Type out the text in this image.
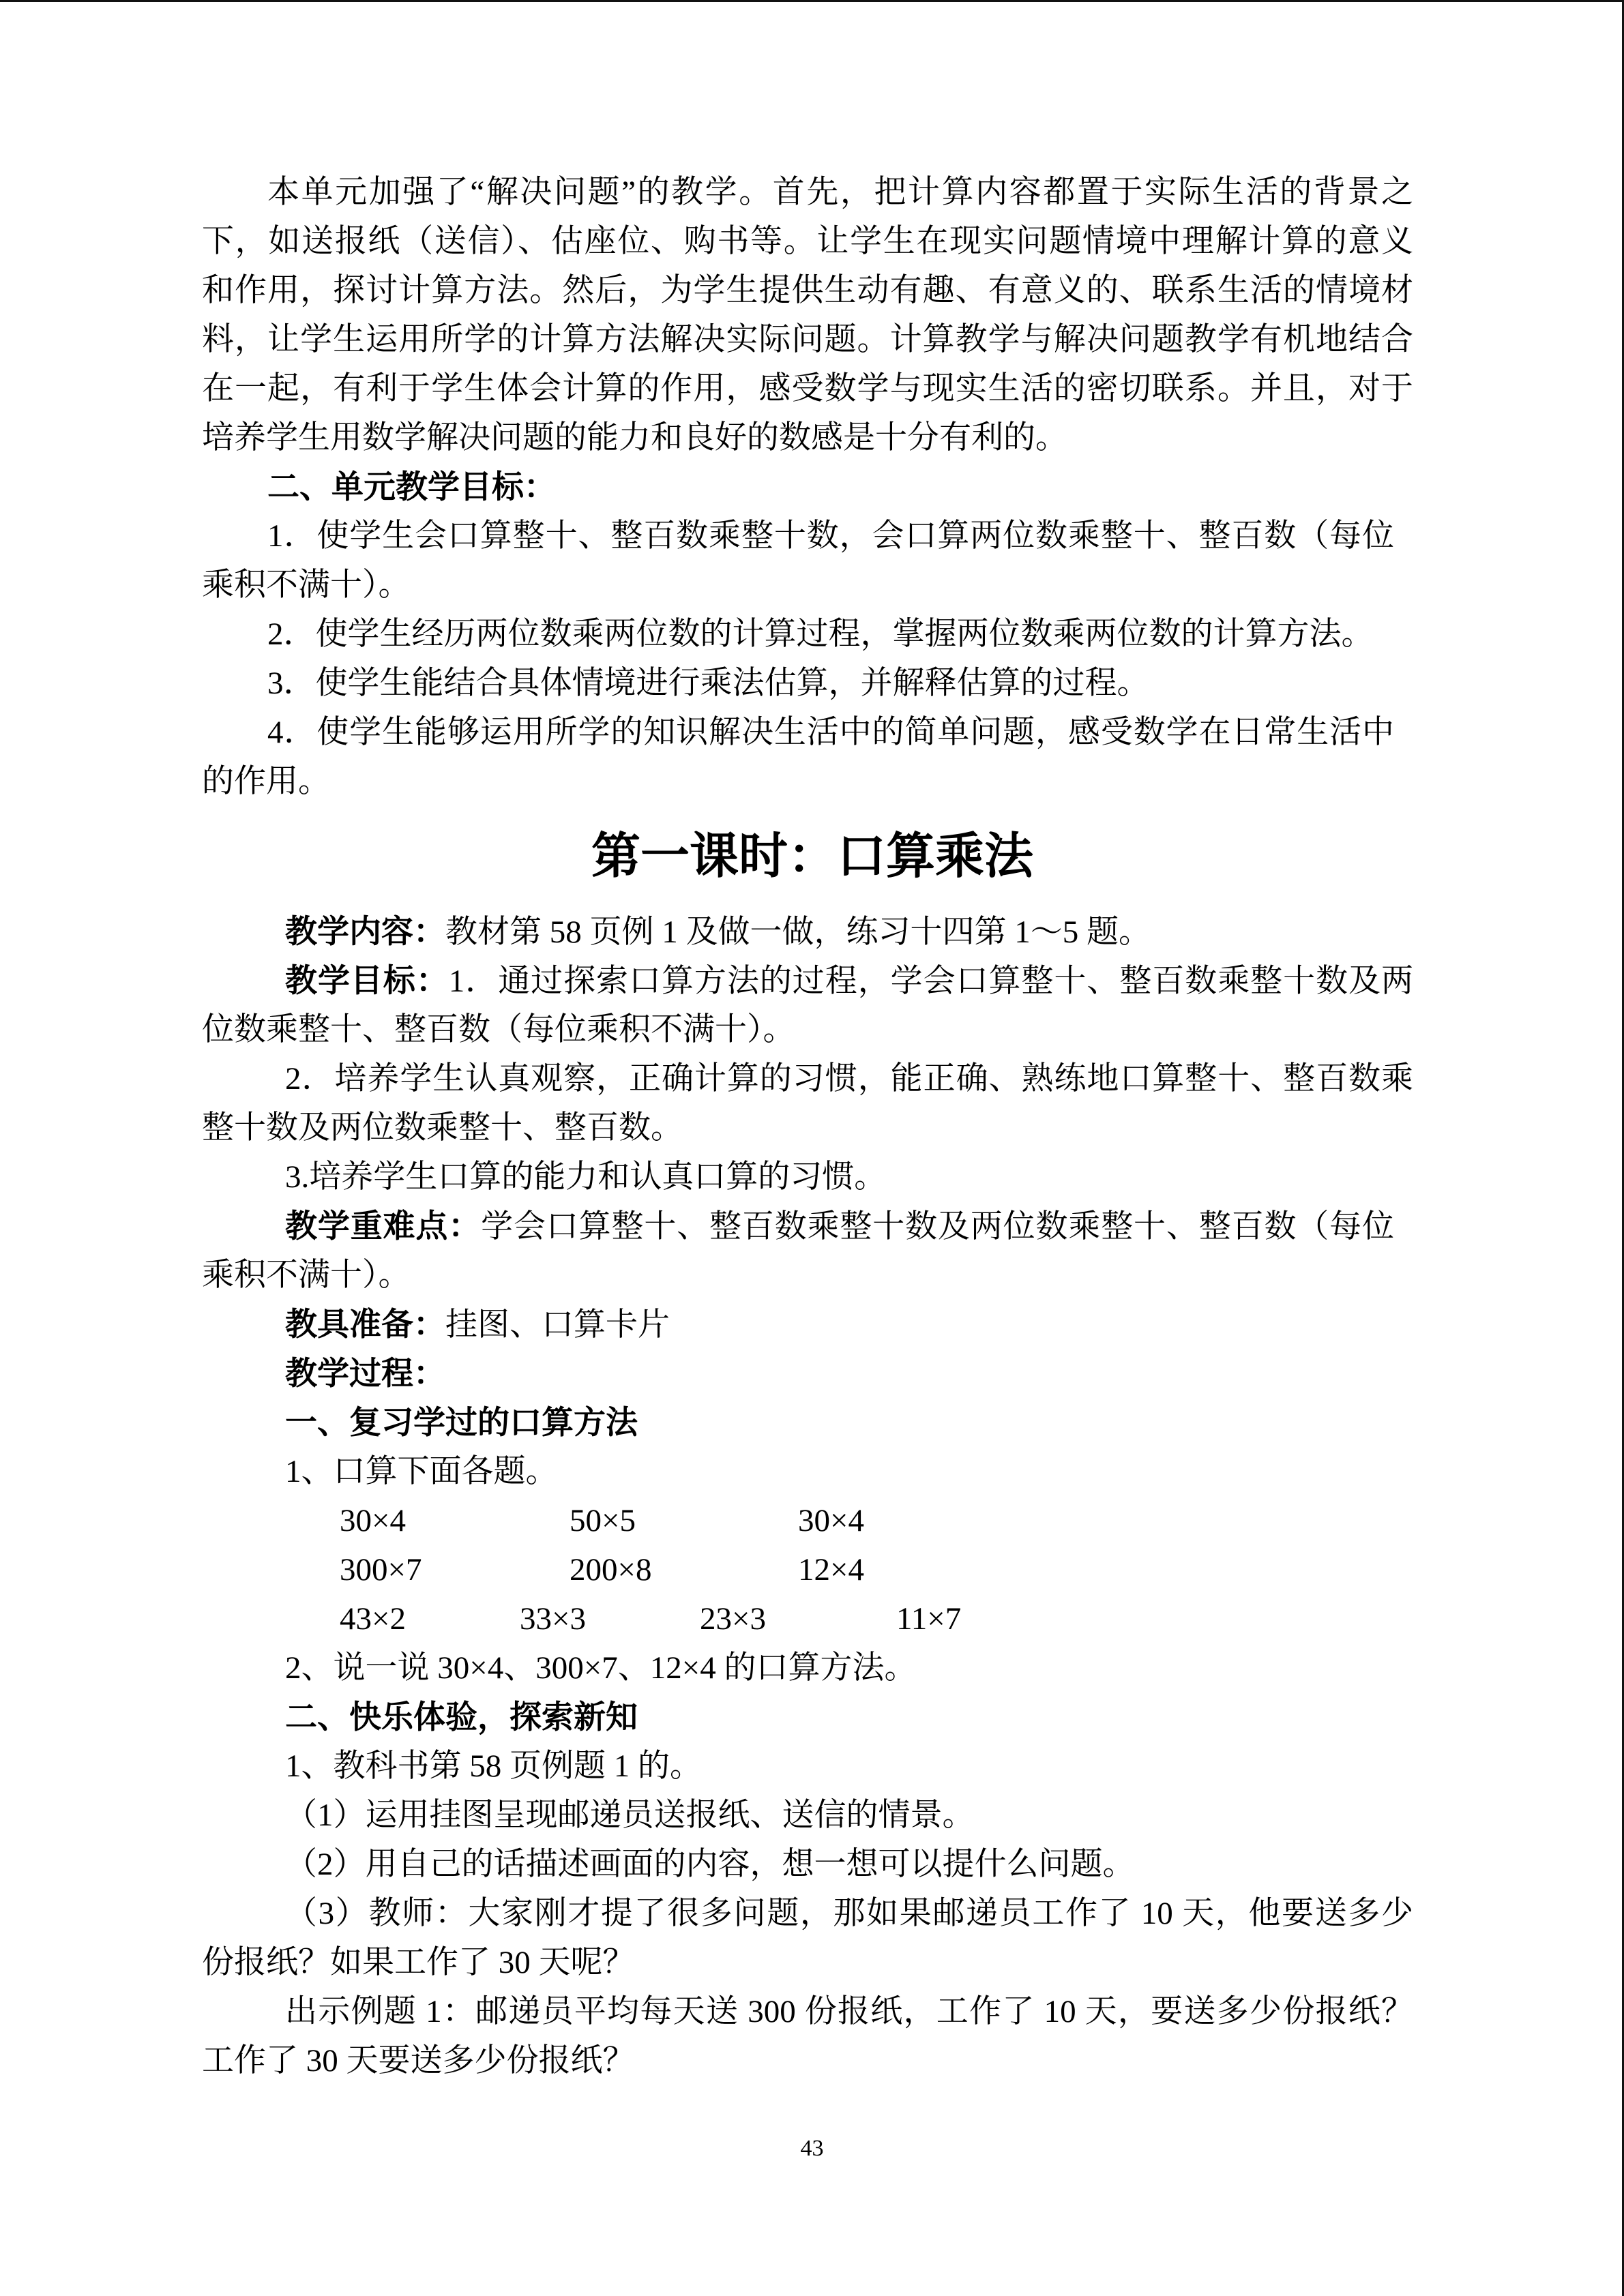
本单元加强了“解决问题”的教学。首先，把计算内容都置于实际生活的背景之
下，如送报纸（送信）、估座位、购书等。让学生在现实问题情境中理解计算的意义
和作用，探讨计算方法。然后，为学生提供生动有趣、有意义的、联系生活的情境材
料，让学生运用所学的计算方法解决实际问题。计算教学与解决问题教学有机地结合
在一起，有利于学生体会计算的作用，感受数学与现实生活的密切联系。并且，对于
培养学生用数学解决问题的能力和良好的数感是十分有利的。
二、单元教学目标：
1．使学生会口算整十、整百数乘整十数，会口算两位数乘整十、整百数（每位
乘积不满十）。
2．使学生经历两位数乘两位数的计算过程，掌握两位数乘两位数的计算方法。
3．使学生能结合具体情境进行乘法估算，并解释估算的过程。
4．使学生能够运用所学的知识解决生活中的简单问题，感受数学在日常生活中
的作用。
第一课时：口算乘法
教学内容：教材第 58 页例 1 及做一做，练习十四第 1～5 题。
教学目标：1．通过探索口算方法的过程，学会口算整十、整百数乘整十数及两
位数乘整十、整百数（每位乘积不满十）。
2．培养学生认真观察，正确计算的习惯，能正确、熟练地口算整十、整百数乘
整十数及两位数乘整十、整百数。
3.培养学生口算的能力和认真口算的习惯。
教学重难点：学会口算整十、整百数乘整十数及两位数乘整十、整百数（每位
乘积不满十）。
教具准备：挂图、口算卡片
教学过程：
一、复习学过的口算方法
1、口算下面各题。
30×4	50×5	30×4
300×7	200×8	12×4
43×2	33×3	23×3	11×7
2、说一说 30×4、300×7、12×4 的口算方法。
二、快乐体验，探索新知
1、教科书第 58 页例题 1 的。
（1）运用挂图呈现邮递员送报纸、送信的情景。
（2）用自己的话描述画面的内容，想一想可以提什么问题。
（3）教师：大家刚才提了很多问题，那如果邮递员工作了 10 天，他要送多少
份报纸？如果工作了 30 天呢？
出示例题 1：邮递员平均每天送 300 份报纸，工作了 10 天，要送多少份报纸？
工作了 30 天要送多少份报纸？
43
